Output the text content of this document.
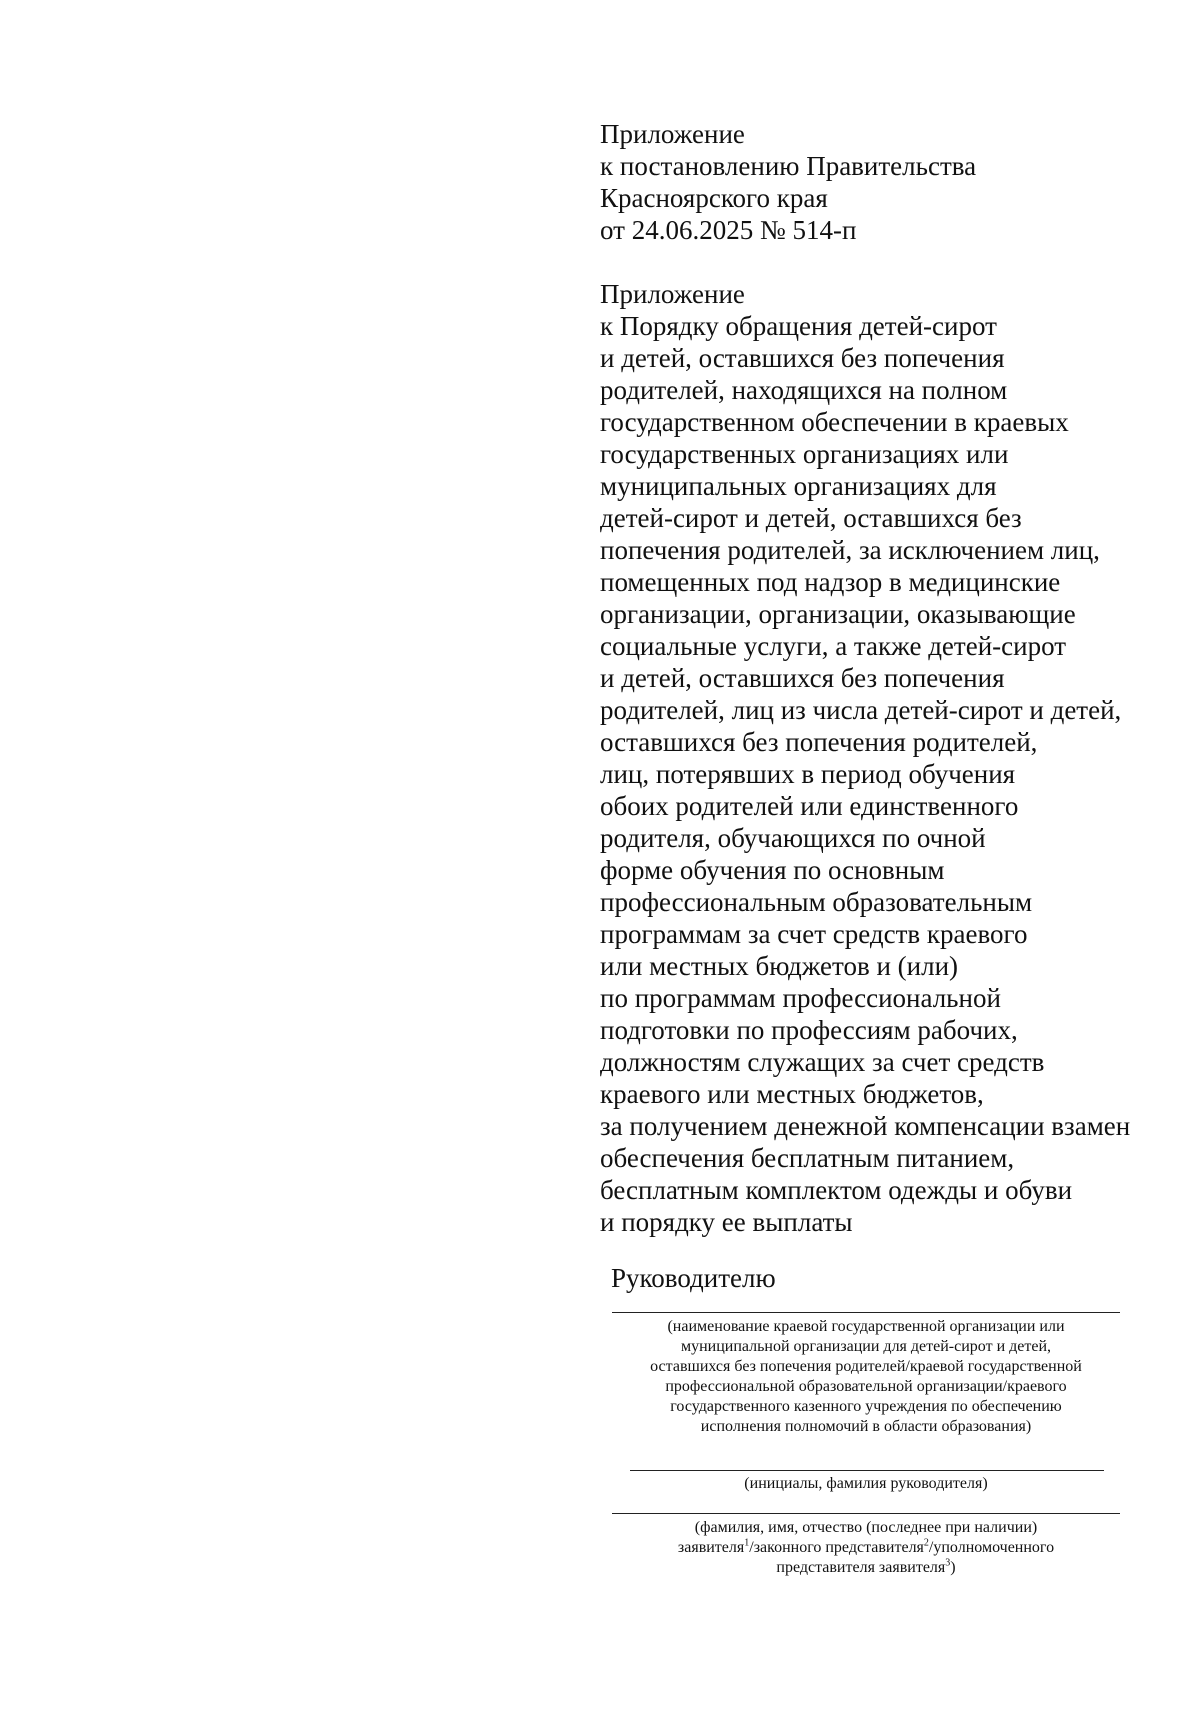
Приложение
к постановлению Правительства
Красноярского края
от 24.06.2025 № 514-п
Приложение
к Порядку обращения детей-сирот
и детей, оставшихся без попечения
родителей, находящихся на полном
государственном обеспечении в краевых
государственных организациях или
муниципальных организациях для
детей-сирот и детей, оставшихся без
попечения родителей, за исключением лиц,
помещенных под надзор в медицинские
организации, организации, оказывающие
социальные услуги, а также детей-сирот
и детей, оставшихся без попечения
родителей, лиц из числа детей-сирот и детей,
оставшихся без попечения родителей,
лиц, потерявших в период обучения
обоих родителей или единственного
родителя, обучающихся по очной
форме обучения по основным
профессиональным образовательным
программам за счет средств краевого
или местных бюджетов и (или)
по программам профессиональной
подготовки по профессиям рабочих,
должностям служащих за счет средств
краевого или местных бюджетов,
за получением денежной компенсации взамен
обеспечения бесплатным питанием,
бесплатным комплектом одежды и обуви
и порядку ее выплаты
Руководителю
(наименование краевой государственной организации или
муниципальной организации для детей-сирот и детей,
оставшихся без попечения родителей/краевой государственной
профессиональной образовательной организации/краевого
государственного казенного учреждения по обеспечению
исполнения полномочий в области образования)
(инициалы, фамилия руководителя)
(фамилия, имя, отчество (последнее при наличии)
заявителя$^1$/законного представителя$^2$/уполномоченного
представителя заявителя$^3$)
